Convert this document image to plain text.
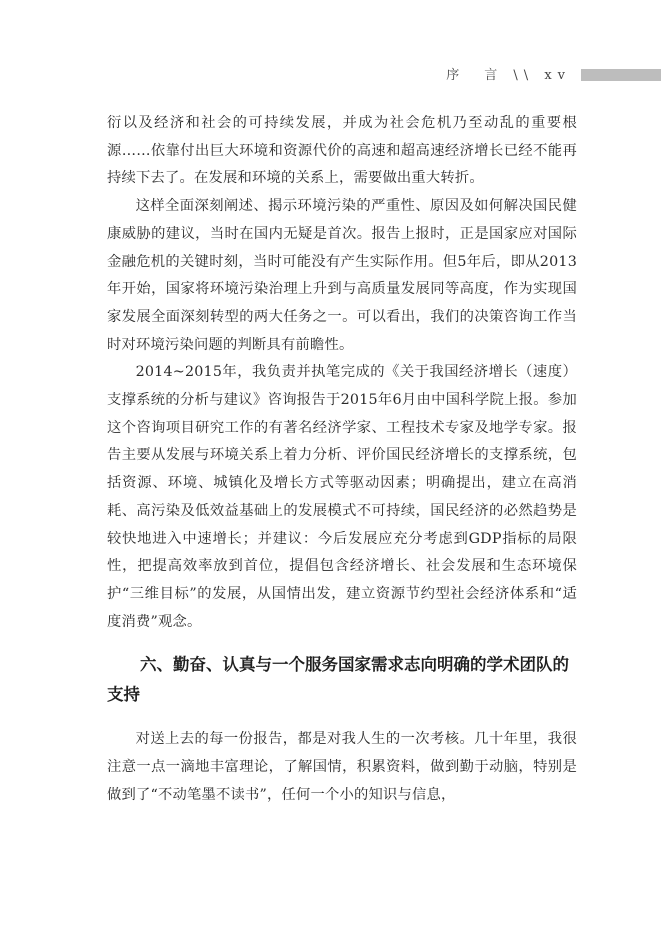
序　言 \\ xv

衍以及经济和社会的可持续发展，并成为社会危机乃至动乱的重要根源……依靠付出巨大环境和资源代价的高速和超高速经济增长已经不能再持续下去了。在发展和环境的关系上，需要做出重大转折。

这样全面深刻阐述、揭示环境污染的严重性、原因及如何解决国民健康威胁的建议，当时在国内无疑是首次。报告上报时，正是国家应对国际金融危机的关键时刻，当时可能没有产生实际作用。但5年后，即从2013年开始，国家将环境污染治理上升到与高质量发展同等高度，作为实现国家发展全面深刻转型的两大任务之一。可以看出，我们的决策咨询工作当时对环境污染问题的判断具有前瞻性。

2014~2015年，我负责并执笔完成的《关于我国经济增长（速度）支撑系统的分析与建议》咨询报告于2015年6月由中国科学院上报。参加这个咨询项目研究工作的有著名经济学家、工程技术专家及地学专家。报告主要从发展与环境关系上着力分析、评价国民经济增长的支撑系统，包括资源、环境、城镇化及增长方式等驱动因素；明确提出，建立在高消耗、高污染及低效益基础上的发展模式不可持续，国民经济的必然趋势是较快地进入中速增长；并建议：今后发展应充分考虑到GDP指标的局限性，把提高效率放到首位，提倡包含经济增长、社会发展和生态环境保护“三维目标”的发展，从国情出发，建立资源节约型社会经济体系和“适度消费”观念。

六、勤奋、认真与一个服务国家需求志向明确的学术团队的支持

对送上去的每一份报告，都是对我人生的一次考核。几十年里，我很注意一点一滴地丰富理论，了解国情，积累资料，做到勤于动脑，特别是做到了“不动笔墨不读书”，任何一个小的知识与信息，
